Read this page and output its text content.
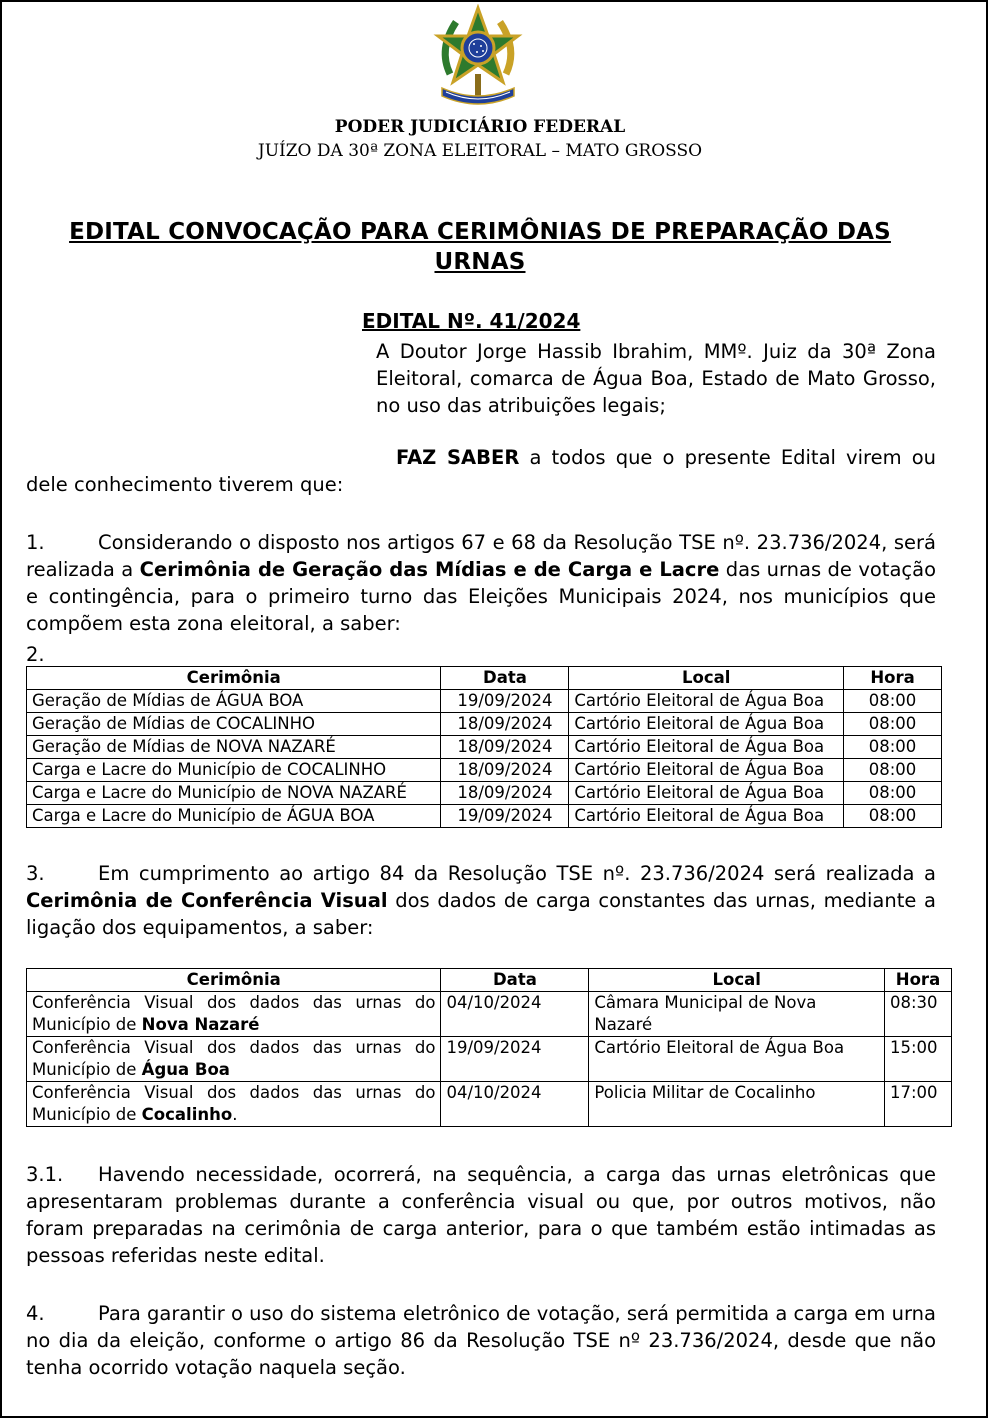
PODER JUDICIÁRIO FEDERAL
JUÍZO DA 30ª ZONA ELEITORAL – MATO GROSSO
EDITAL CONVOCAÇÃO PARA CERIMÔNIAS DE PREPARAÇÃO DAS URNAS
EDITAL Nº. 41/2024
A Doutor Jorge Hassib Ibrahim, MMº. Juiz da 30ª Zona Eleitoral, comarca de Água Boa, Estado de Mato Grosso, no uso das atribuições legais;
FAZ SABER a todos que o presente Edital virem ou dele conhecimento tiverem que:
1.	Considerando o disposto nos artigos 67 e 68 da Resolução TSE nº. 23.736/2024, será realizada a Cerimônia de Geração das Mídias e de Carga e Lacre das urnas de votação e contingência, para o primeiro turno das Eleições Municipais 2024, nos municípios que compõem esta zona eleitoral, a saber:
2.
Cerimônia	Data	Local	Hora
Geração de Mídias de ÁGUA BOA	19/09/2024	Cartório Eleitoral de Água Boa	08:00
Geração de Mídias de COCALINHO	18/09/2024	Cartório Eleitoral de Água Boa	08:00
Geração de Mídias de NOVA NAZARÉ	18/09/2024	Cartório Eleitoral de Água Boa	08:00
Carga e Lacre do Município de COCALINHO	18/09/2024	Cartório Eleitoral de Água Boa	08:00
Carga e Lacre do Município de NOVA NAZARÉ	18/09/2024	Cartório Eleitoral de Água Boa	08:00
Carga e Lacre do Município de ÁGUA BOA	19/09/2024	Cartório Eleitoral de Água Boa	08:00
3.	Em cumprimento ao artigo 84 da Resolução TSE nº. 23.736/2024 será realizada a Cerimônia de Conferência Visual dos dados de carga constantes das urnas, mediante a ligação dos equipamentos, a saber:
Cerimônia	Data	Local	Hora
Conferência Visual dos dados das urnas do Município de Nova Nazaré	04/10/2024	Câmara Municipal de Nova Nazaré	08:30
Conferência Visual dos dados das urnas do Município de Água Boa	19/09/2024	Cartório Eleitoral de Água Boa	15:00
Conferência Visual dos dados das urnas do Município de Cocalinho.	04/10/2024	Policia Militar de Cocalinho	17:00
3.1. Havendo necessidade, ocorrerá, na sequência, a carga das urnas eletrônicas que apresentaram problemas durante a conferência visual ou que, por outros motivos, não foram preparadas na cerimônia de carga anterior, para o que também estão intimadas as pessoas referidas neste edital.
4.	Para garantir o uso do sistema eletrônico de votação, será permitida a carga em urna no dia da eleição, conforme o artigo 86 da Resolução TSE nº 23.736/2024, desde que não tenha ocorrido votação naquela seção.
